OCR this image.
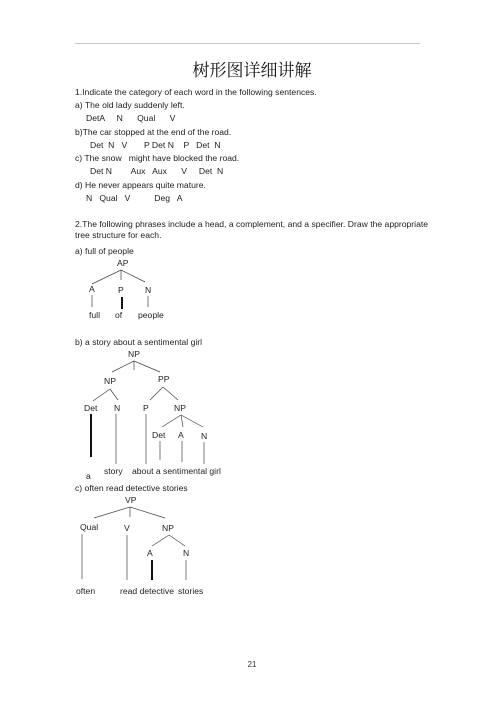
树形图详细讲解
1.Indicate the category of each word in the following sentences.
a) The old lady suddenly left.
DetA     N      Qual      V
b)The car stopped at the end of the road.
Det  N   V       P Det N    P   Det  N
c) The snow   might have blocked the road.
Det N        Aux   Aux      V     Det  N
d) He never appears quite mature.
N   Qual   V          Deg   A
2.The following phrases include a head, a complement, and a specifier. Draw the appropriate tree structure for each.
a) full of people
AP
A	P N
full of people
b) a story about a sentimental girl
NP
NP	PP
Det N	P	NP
Det A N
a story about a sentimental girl
c) often read detective stories
VP
Qual	V	NP
A	N
often	read detective stories
21
